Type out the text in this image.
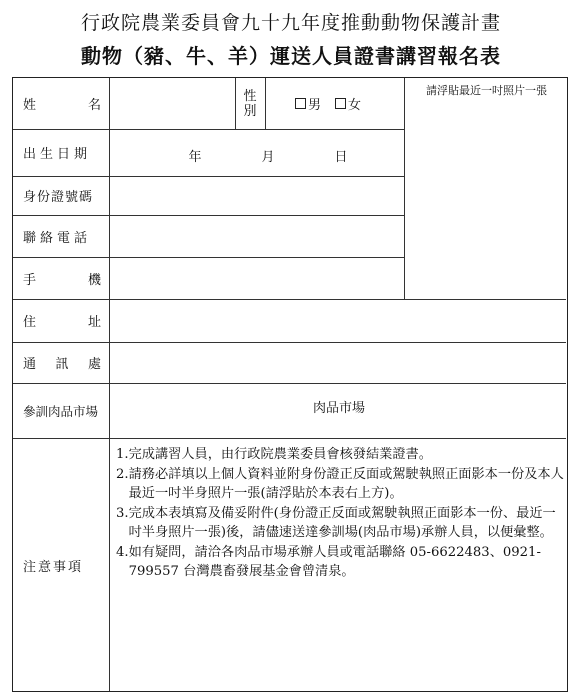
行政院農業委員會九十九年度推動動物保護計畫
動物（豬、牛、羊）運送人員證書講習報名表
姓	名
性別	男 女
請浮貼最近一吋照片一張
出生日期	年	月	日
身份證號碼
聯絡電話
手	機
住	址
通 訊 處
參訓肉品市場	肉品市場
注意事項
1. 完成講習人員，由行政院農業委員會核發結業證書。
2. 請務必詳填以上個人資料並附身份證正反面或駕駛執照正面影本一份及本人最近一吋半身照片一張(請浮貼於本表右上方)。
3. 完成本表填寫及備妥附件(身份證正反面或駕駛執照正面影本一份、最近一吋半身照片一張)後，請儘速送達參訓場(肉品市場)承辦人員，以便彙整。
4. 如有疑問，請洽各肉品市場承辦人員或電話聯絡 05-6622483、0921-799557 台灣農畜發展基金會曾清泉。
